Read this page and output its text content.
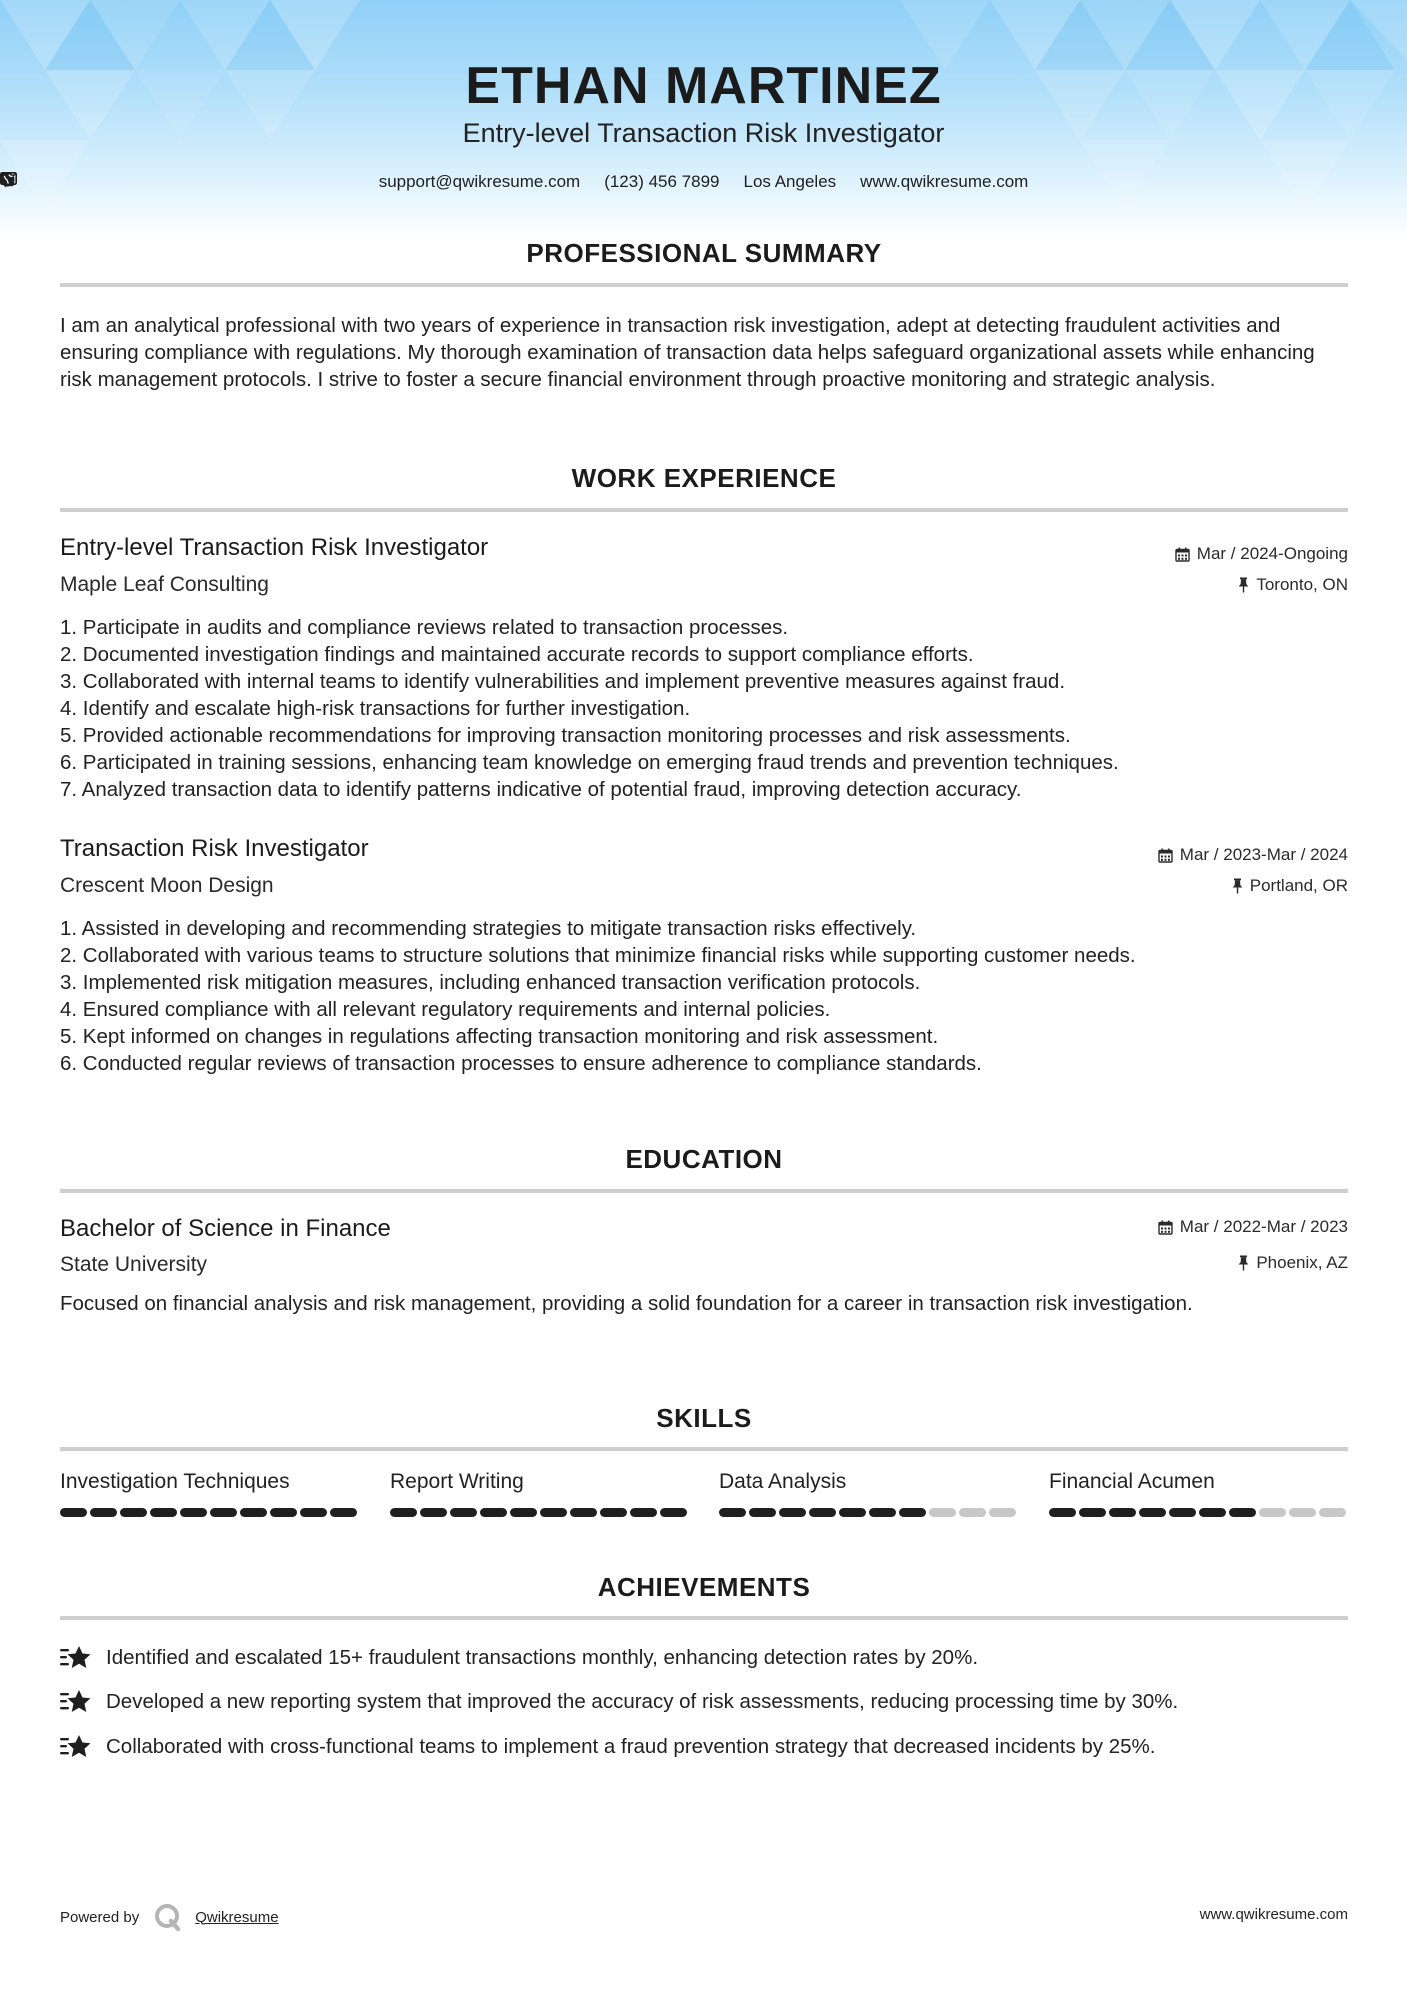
ETHAN MARTINEZ
Entry-level Transaction Risk Investigator
support@qwikresume.com (123) 456 7899 Los Angeles www.qwikresume.com
PROFESSIONAL SUMMARY
I am an analytical professional with two years of experience in transaction risk investigation, adept at detecting fraudulent activities and ensuring compliance with regulations. My thorough examination of transaction data helps safeguard organizational assets while enhancing risk management protocols. I strive to foster a secure financial environment through proactive monitoring and strategic analysis.
WORK EXPERIENCE
Entry-level Transaction Risk Investigator	Mar / 2024-Ongoing
Maple Leaf Consulting	Toronto, ON
1. Participate in audits and compliance reviews related to transaction processes.
2. Documented investigation findings and maintained accurate records to support compliance efforts.
3. Collaborated with internal teams to identify vulnerabilities and implement preventive measures against fraud.
4. Identify and escalate high-risk transactions for further investigation.
5. Provided actionable recommendations for improving transaction monitoring processes and risk assessments.
6. Participated in training sessions, enhancing team knowledge on emerging fraud trends and prevention techniques.
7. Analyzed transaction data to identify patterns indicative of potential fraud, improving detection accuracy.
Transaction Risk Investigator	Mar / 2023-Mar / 2024
Crescent Moon Design	Portland, OR
1. Assisted in developing and recommending strategies to mitigate transaction risks effectively.
2. Collaborated with various teams to structure solutions that minimize financial risks while supporting customer needs.
3. Implemented risk mitigation measures, including enhanced transaction verification protocols.
4. Ensured compliance with all relevant regulatory requirements and internal policies.
5. Kept informed on changes in regulations affecting transaction monitoring and risk assessment.
6. Conducted regular reviews of transaction processes to ensure adherence to compliance standards.
EDUCATION
Bachelor of Science in Finance	Mar / 2022-Mar / 2023
State University	Phoenix, AZ
Focused on financial analysis and risk management, providing a solid foundation for a career in transaction risk investigation.
SKILLS
Investigation Techniques	Report Writing	Data Analysis	Financial Acumen
ACHIEVEMENTS
Identified and escalated 15+ fraudulent transactions monthly, enhancing detection rates by 20%.
Developed a new reporting system that improved the accuracy of risk assessments, reducing processing time by 30%.
Collaborated with cross-functional teams to implement a fraud prevention strategy that decreased incidents by 25%.
Powered by	Qwikresume	www.qwikresume.com
